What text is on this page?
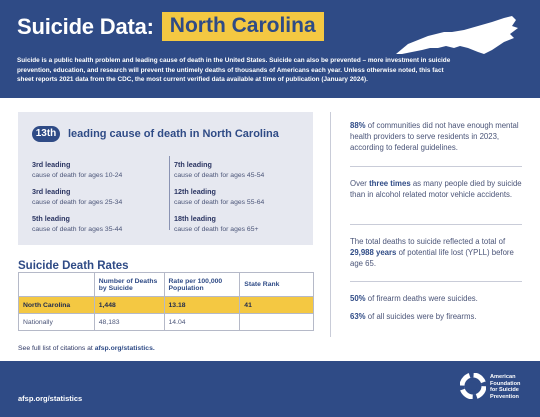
Suicide Data: North Carolina

Suicide is a public health problem and leading cause of death in the United States. Suicide can also be prevented – more investment in suicide prevention, education, and research will prevent the untimely deaths of thousands of Americans each year. Unless otherwise noted, this fact sheet reports 2021 data from the CDC, the most current verified data available at time of publication (January 2024).

13th	leading cause of death in North Carolina
3rd leading
cause of death for ages 10-24
3rd leading
cause of death for ages 25-34
5th leading
cause of death for ages 35-44
7th leading
cause of death for ages 45-54
12th leading
cause of death for ages 55-64
18th leading
cause of death for ages 65+
Suicide Death Rates
	Number of Deaths by Suicide	Rate per 100,000 Population	State Rank
North Carolina	1,448	13.18	41
Nationally	48,183	14.04	
See full list of citations at afsp.org/statistics.

88% of communities did not have enough mental health providers to serve residents in 2023, according to federal guidelines.

Over three times as many people died by suicide than in alcohol related motor vehicle accidents.

The total deaths to suicide reflected a total of 29,988 years of potential life lost (YPLL) before age 65.

50% of firearm deaths were suicides.

63% of all suicides were by firearms.

afsp.org/statistics
American
Foundation
for Suicide
Prevention
